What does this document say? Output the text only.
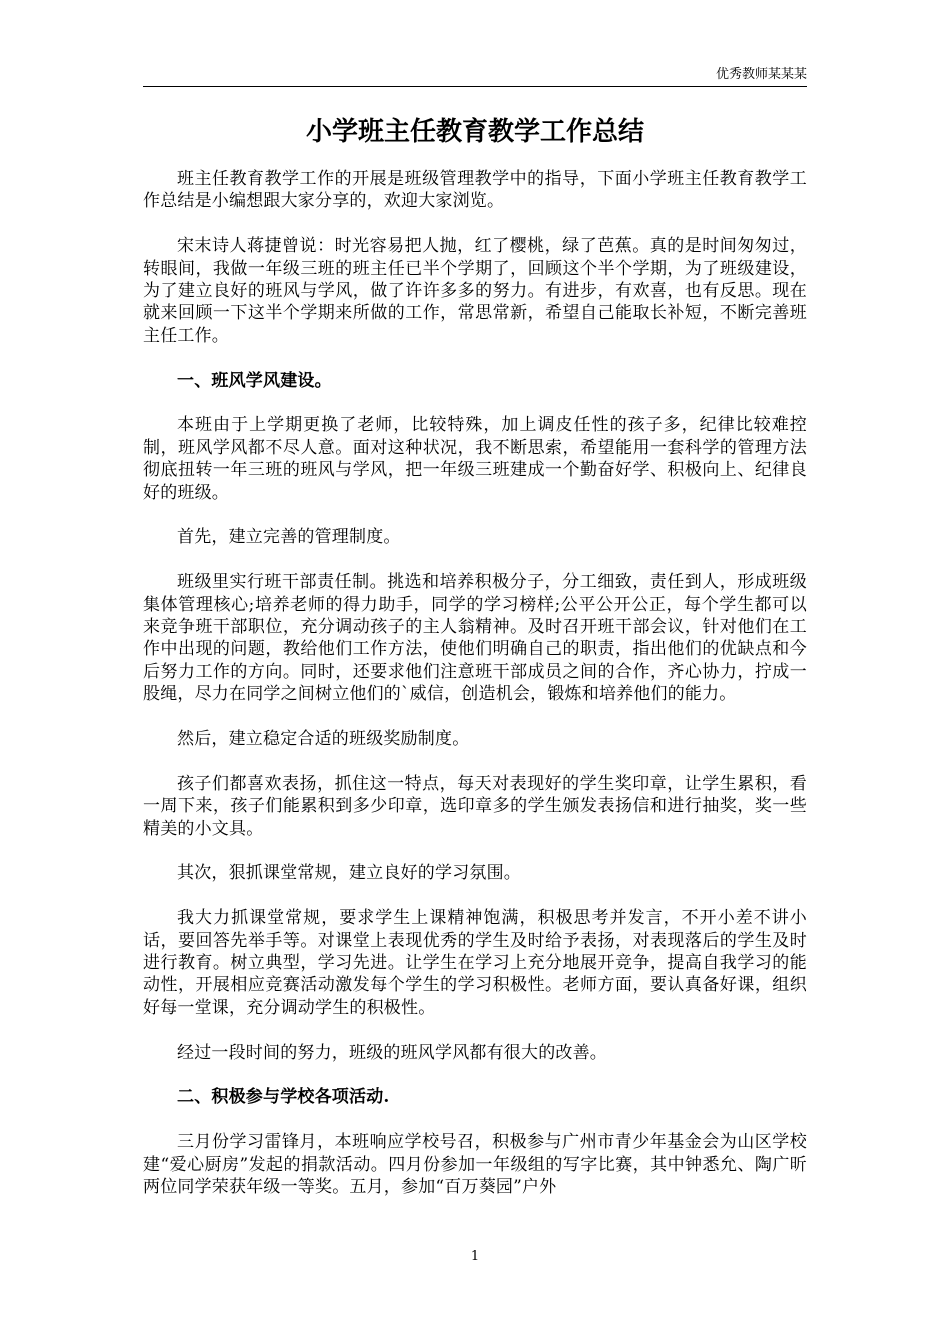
优秀教师某某某
小学班主任教育教学工作总结

班主任教育教学工作的开展是班级管理教学中的指导，下面小学班主任教育教学工作总结是小编想跟大家分享的，欢迎大家浏览。

宋末诗人蒋捷曾说：时光容易把人抛，红了樱桃，绿了芭蕉。真的是时间匆匆过，转眼间，我做一年级三班的班主任已半个学期了，回顾这个半个学期，为了班级建设，为了建立良好的班风与学风，做了许许多多的努力。有进步，有欢喜，也有反思。现在就来回顾一下这半个学期来所做的工作，常思常新，希望自己能取长补短，不断完善班主任工作。

一、班风学风建设。

本班由于上学期更换了老师，比较特殊，加上调皮任性的孩子多，纪律比较难控制，班风学风都不尽人意。面对这种状况，我不断思索，希望能用一套科学的管理方法彻底扭转一年三班的班风与学风，把一年级三班建成一个勤奋好学、积极向上、纪律良好的班级。

首先，建立完善的管理制度。

班级里实行班干部责任制。挑选和培养积极分子，分工细致，责任到人，形成班级集体管理核心;培养老师的得力助手，同学的学习榜样;公平公开公正，每个学生都可以来竞争班干部职位，充分调动孩子的主人翁精神。及时召开班干部会议，针对他们在工作中出现的问题，教给他们工作方法，使他们明确自己的职责，指出他们的优缺点和今后努力工作的方向。同时，还要求他们注意班干部成员之间的合作，齐心协力，拧成一股绳，尽力在同学之间树立他们的`威信，创造机会，锻炼和培养他们的能力。

然后，建立稳定合适的班级奖励制度。

孩子们都喜欢表扬，抓住这一特点，每天对表现好的学生奖印章，让学生累积，看一周下来，孩子们能累积到多少印章，选印章多的学生颁发表扬信和进行抽奖，奖一些精美的小文具。

其次，狠抓课堂常规，建立良好的学习氛围。

我大力抓课堂常规，要求学生上课精神饱满，积极思考并发言，不开小差不讲小话，要回答先举手等。对课堂上表现优秀的学生及时给予表扬，对表现落后的学生及时进行教育。树立典型，学习先进。让学生在学习上充分地展开竞争，提高自我学习的能动性，开展相应竞赛活动激发每个学生的学习积极性。老师方面，要认真备好课，组织好每一堂课，充分调动学生的积极性。

经过一段时间的努力，班级的班风学风都有很大的改善。

二、积极参与学校各项活动.

三月份学习雷锋月，本班响应学校号召，积极参与广州市青少年基金会为山区学校建“爱心厨房”发起的捐款活动。四月份参加一年级组的写字比赛，其中钟悉允、陶广昕两位同学荣获年级一等奖。五月，参加“百万葵园”户外

1
